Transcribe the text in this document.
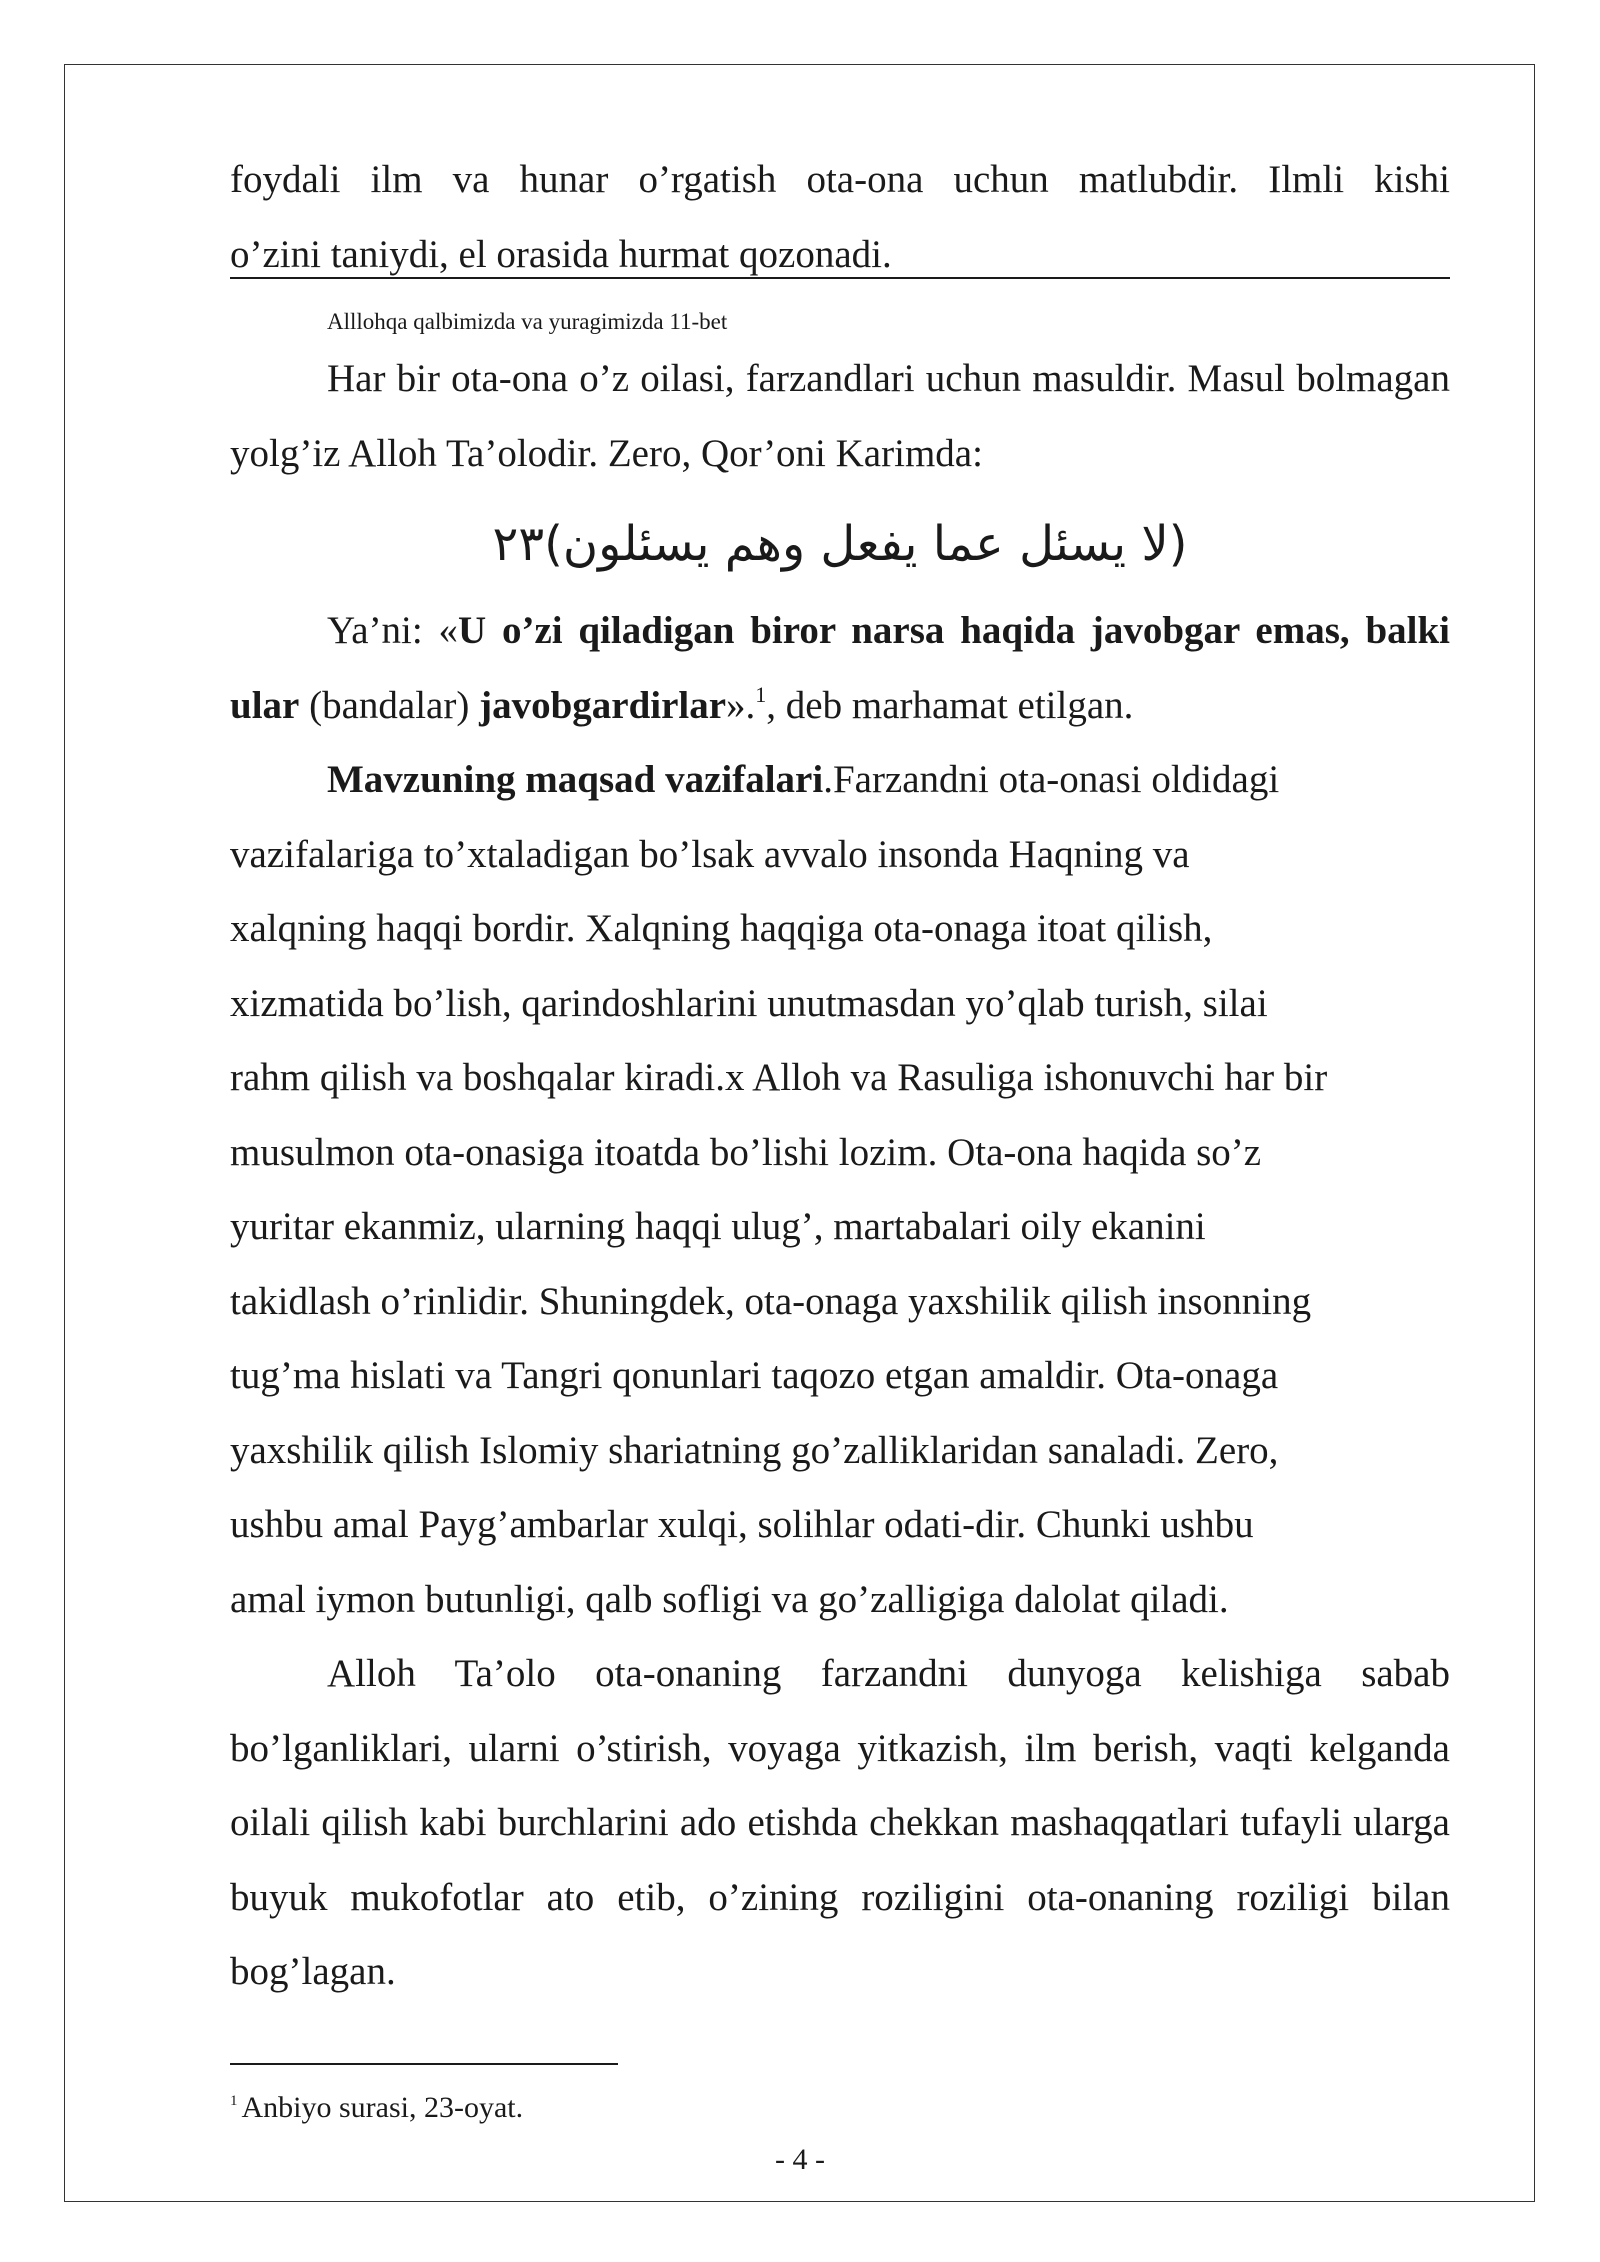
foydali ilm va hunar o’rgatish ota-ona uchun matlubdir. Ilmli kishi

o’zini taniydi, el orasida hurmat qozonadi.

Alllohqa qalbimizda va yuragimizda 11-bet

Har bir ota-ona o’z oilasi, farzandlari uchun masuldir. Masul bolmagan yolg’iz Alloh Ta’olodir. Zero, Qor’oni Karimda:

(لا يسئل عما يفعل وهم يسئلون)٢٣

Ya’ni: «U o’zi qiladigan biror narsa haqida javobgar emas, balki ular (bandalar) javobgardirlar».$^1$, deb marhamat etilgan.

Mavzuning maqsad vazifalari.Farzandni ota-onasi oldidagi

vazifalariga to’xtaladigan bo’lsak avvalo insonda Haqning va

xalqning haqqi bordir. Xalqning haqqiga ota-onaga itoat qilish,

xizmatida bo’lish, qarindoshlarini unutmasdan yo’qlab turish, silai

rahm qilish va boshqalar kiradi.x Alloh va Rasuliga ishonuvchi har bir

musulmon ota-onasiga itoatda bo’lishi lozim. Ota-ona haqida so’z

yuritar ekanmiz, ularning haqqi ulug’, martabalari oily ekanini

takidlash o’rinlidir. Shuningdek, ota-onaga yaxshilik qilish insonning

tug’ma hislati va Tangri qonunlari taqozo etgan amaldir. Ota-onaga

yaxshilik qilish Islomiy shariatning go’zalliklaridan sanaladi. Zero,

ushbu amal Payg’ambarlar xulqi, solihlar odati-dir. Chunki ushbu

amal iymon butunligi, qalb sofligi va go’zalligiga dalolat qiladi.

Alloh Ta’olo ota-onaning farzandni dunyoga kelishiga sabab bo’lganliklari, ularni o’stirish, voyaga yitkazish, ilm berish, vaqti kelganda oilali qilish kabi burchlarini ado etishda chekkan mashaqqatlari tufayli ularga buyuk mukofotlar ato etib, o’zining roziligini ota-onaning roziligi bilan bog’lagan.

$^1$ Anbiyo surasi, 23-oyat.
- 4 -
